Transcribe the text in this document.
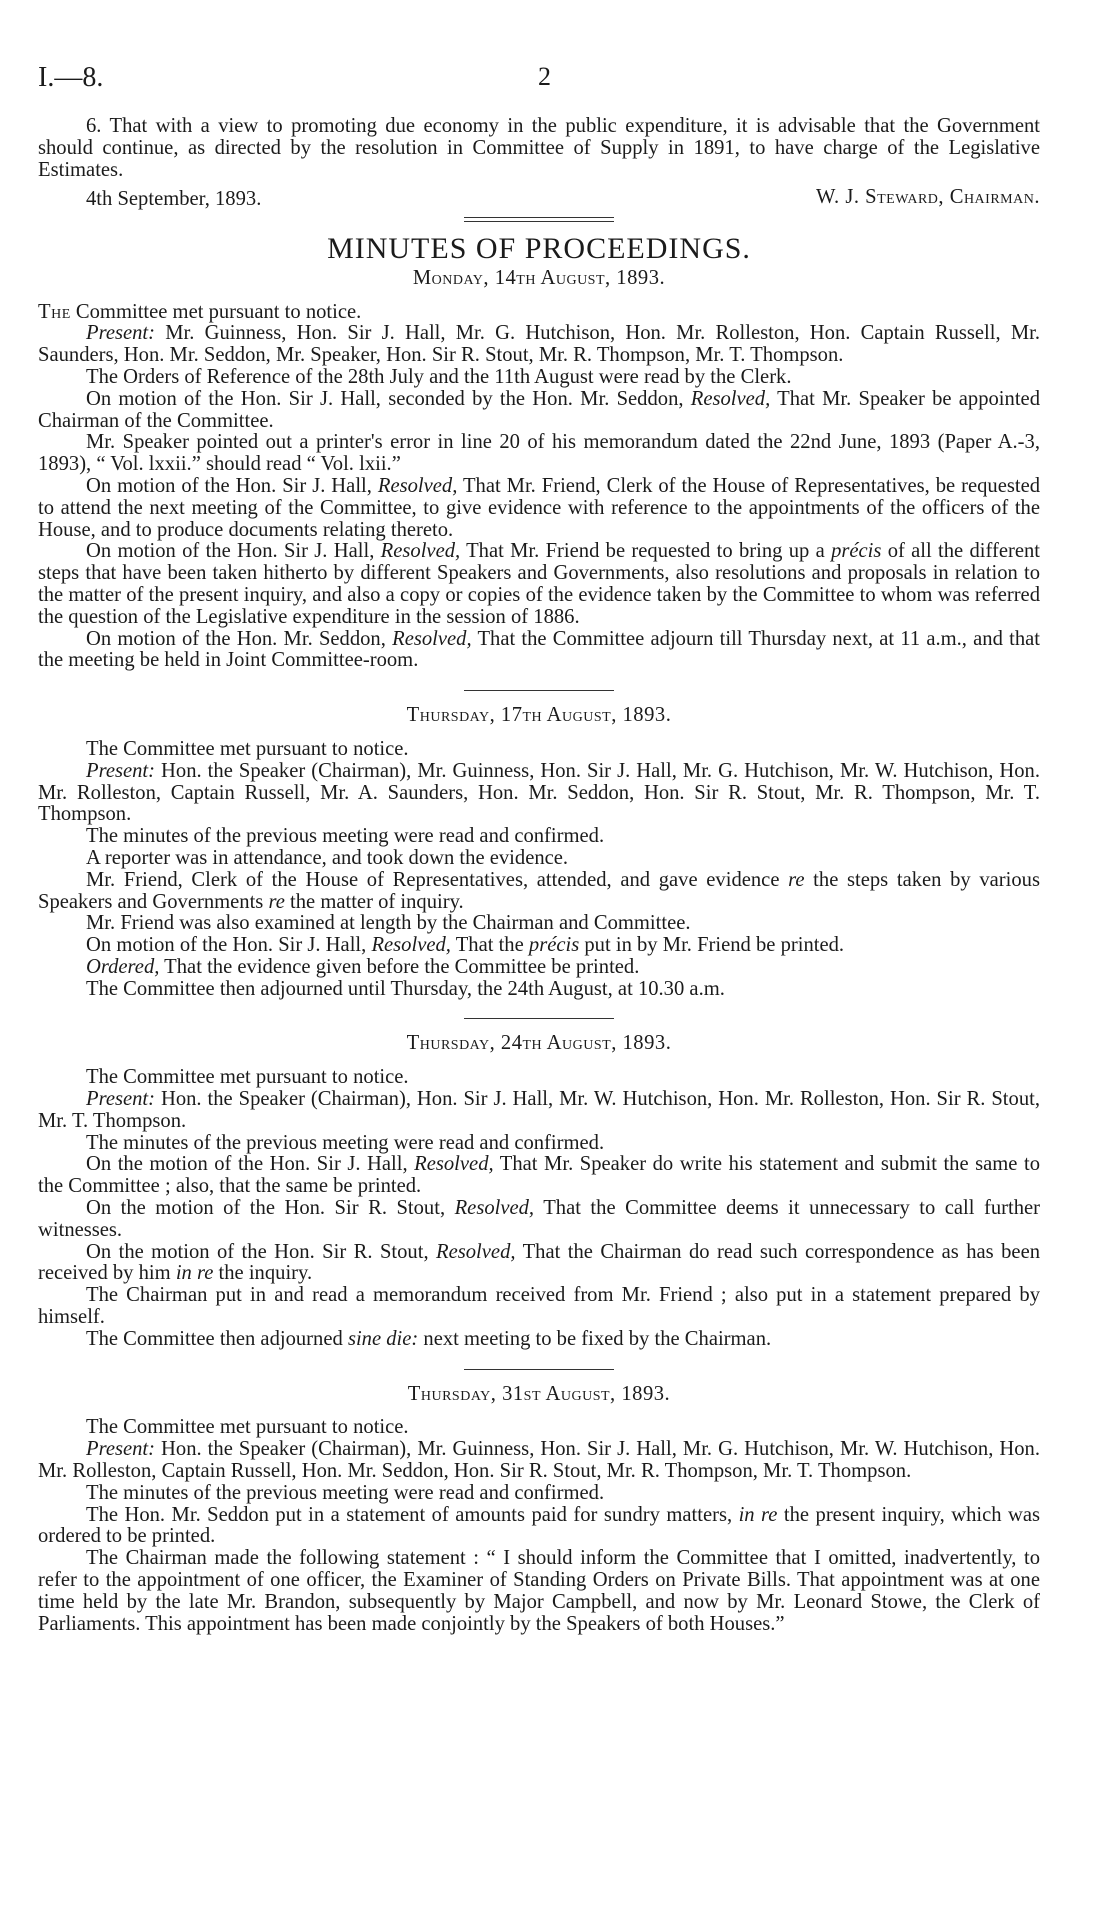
I.—8.	2

6. That with a view to promoting due economy in the public expenditure, it is advisable that the Government should continue, as directed by the resolution in Committee of Supply in 1891, to have charge of the Legislative Estimates.

W. J. Steward, Chairman.

4th September, 1893.

MINUTES OF PROCEEDINGS.
Monday, 14th August, 1893.

The Committee met pursuant to notice.

Present: Mr. Guinness, Hon. Sir J. Hall, Mr. G. Hutchison, Hon. Mr. Rolleston, Hon. Captain Russell, Mr. Saunders, Hon. Mr. Seddon, Mr. Speaker, Hon. Sir R. Stout, Mr. R. Thompson, Mr. T. Thompson.

The Orders of Reference of the 28th July and the 11th August were read by the Clerk.

On motion of the Hon. Sir J. Hall, seconded by the Hon. Mr. Seddon, Resolved, That Mr. Speaker be appointed Chairman of the Committee.

Mr. Speaker pointed out a printer's error in line 20 of his memorandum dated the 22nd June, 1893 (Paper A.-3, 1893), “ Vol. lxxii.” should read “ Vol. lxii.”

On motion of the Hon. Sir J. Hall, Resolved, That Mr. Friend, Clerk of the House of Representatives, be requested to attend the next meeting of the Committee, to give evidence with reference to the appointments of the officers of the House, and to produce documents relating thereto.

On motion of the Hon. Sir J. Hall, Resolved, That Mr. Friend be requested to bring up a précis of all the different steps that have been taken hitherto by different Speakers and Governments, also resolutions and proposals in relation to the matter of the present inquiry, and also a copy or copies of the evidence taken by the Committee to whom was referred the question of the Legislative expenditure in the session of 1886.

On motion of the Hon. Mr. Seddon, Resolved, That the Committee adjourn till Thursday next, at 11 a.m., and that the meeting be held in Joint Committee-room.

Thursday, 17th August, 1893.

The Committee met pursuant to notice.

Present: Hon. the Speaker (Chairman), Mr. Guinness, Hon. Sir J. Hall, Mr. G. Hutchison, Mr. W. Hutchison, Hon. Mr. Rolleston, Captain Russell, Mr. A. Saunders, Hon. Mr. Seddon, Hon. Sir R. Stout, Mr. R. Thompson, Mr. T. Thompson.

The minutes of the previous meeting were read and confirmed.

A reporter was in attendance, and took down the evidence.

Mr. Friend, Clerk of the House of Representatives, attended, and gave evidence re the steps taken by various Speakers and Governments re the matter of inquiry.

Mr. Friend was also examined at length by the Chairman and Committee.

On motion of the Hon. Sir J. Hall, Resolved, That the précis put in by Mr. Friend be printed.

Ordered, That the evidence given before the Committee be printed.

The Committee then adjourned until Thursday, the 24th August, at 10.30 a.m.

Thursday, 24th August, 1893.

The Committee met pursuant to notice.

Present: Hon. the Speaker (Chairman), Hon. Sir J. Hall, Mr. W. Hutchison, Hon. Mr. Rolleston, Hon. Sir R. Stout, Mr. T. Thompson.

The minutes of the previous meeting were read and confirmed.

On the motion of the Hon. Sir J. Hall, Resolved, That Mr. Speaker do write his statement and submit the same to the Committee ; also, that the same be printed.

On the motion of the Hon. Sir R. Stout, Resolved, That the Committee deems it unnecessary to call further witnesses.

On the motion of the Hon. Sir R. Stout, Resolved, That the Chairman do read such correspondence as has been received by him in re the inquiry.

The Chairman put in and read a memorandum received from Mr. Friend ; also put in a statement prepared by himself.

The Committee then adjourned sine die: next meeting to be fixed by the Chairman.

Thursday, 31st August, 1893.

The Committee met pursuant to notice.

Present: Hon. the Speaker (Chairman), Mr. Guinness, Hon. Sir J. Hall, Mr. G. Hutchison, Mr. W. Hutchison, Hon. Mr. Rolleston, Captain Russell, Hon. Mr. Seddon, Hon. Sir R. Stout, Mr. R. Thompson, Mr. T. Thompson.

The minutes of the previous meeting were read and confirmed.

The Hon. Mr. Seddon put in a statement of amounts paid for sundry matters, in re the present inquiry, which was ordered to be printed.

The Chairman made the following statement : “ I should inform the Committee that I omitted, inadvertently, to refer to the appointment of one officer, the Examiner of Standing Orders on Private Bills. That appointment was at one time held by the late Mr. Brandon, subsequently by Major Campbell, and now by Mr. Leonard Stowe, the Clerk of Parliaments. This appointment has been made conjointly by the Speakers of both Houses.”
